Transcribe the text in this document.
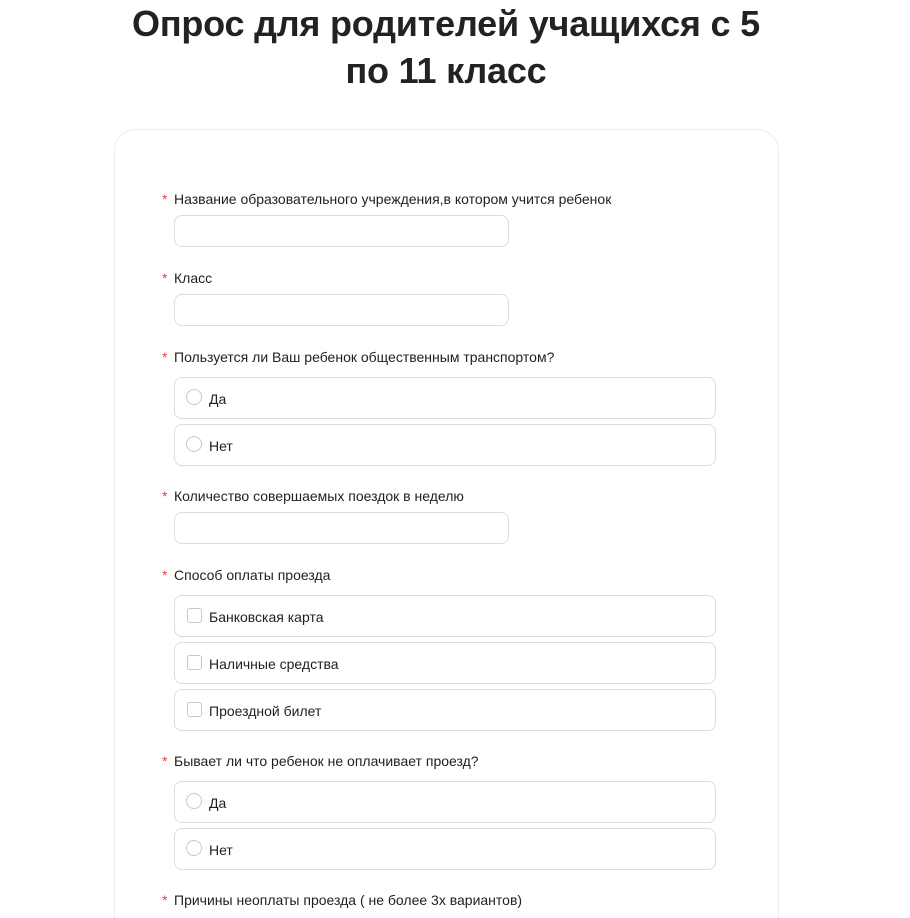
Опрос для родителей учащихся с 5 по 11 класс
* Название образовательного учреждения,в котором учится ребенок
* Класс
* Пользуется ли Ваш ребенок общественным транспортом?
Да
Нет
* Количество совершаемых поездок в неделю
* Способ оплаты проезда
Банковская карта
Наличные средства
Проездной билет
* Бывает ли что ребенок не оплачивает проезд?
Да
Нет
* Причины неоплаты проезда ( не более 3х вариантов)
